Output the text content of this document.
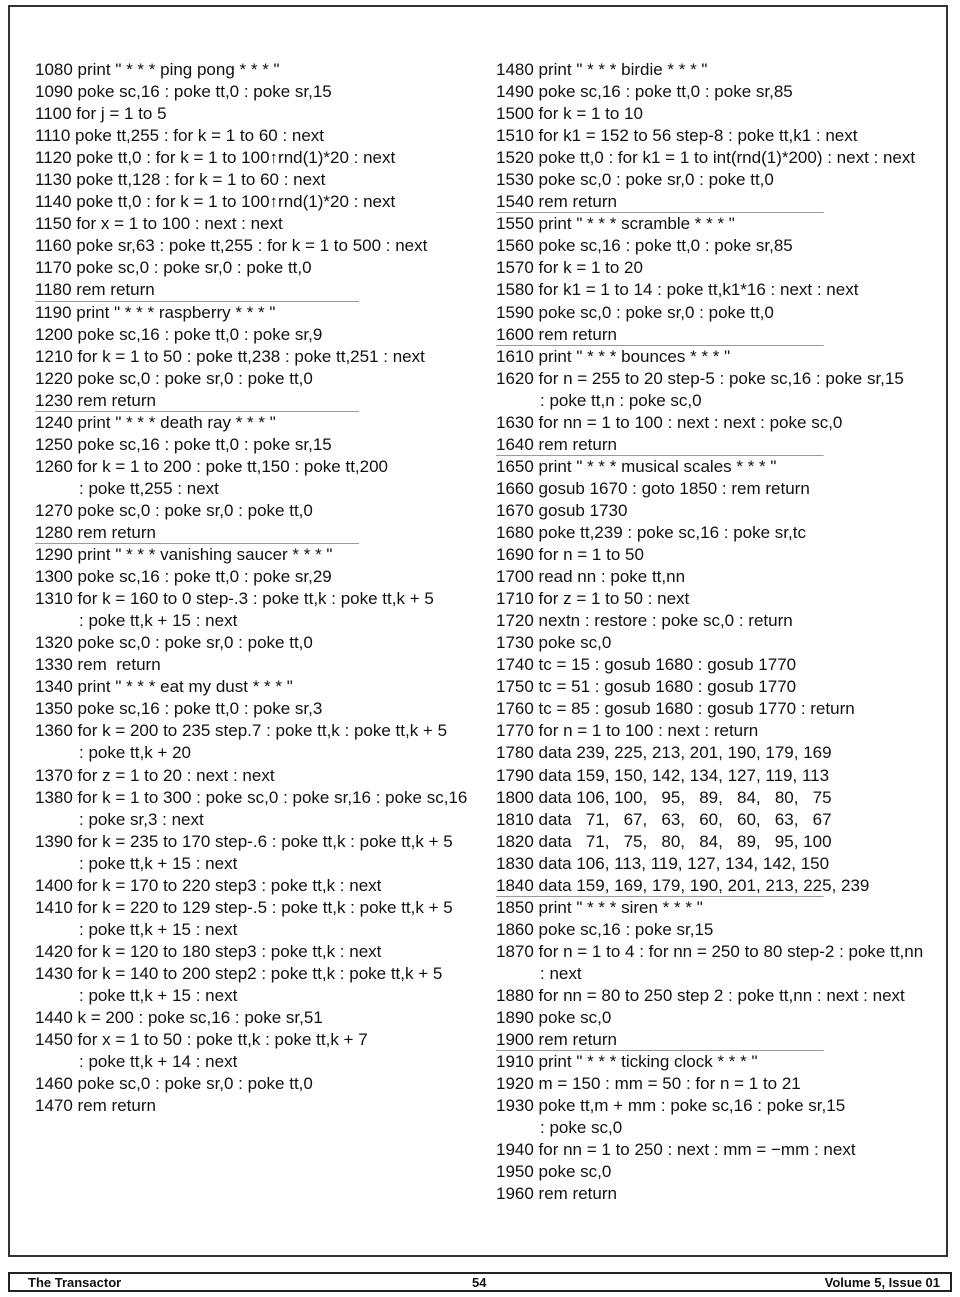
1080 print " * * * ping pong * * * "
1090 poke sc,16 : poke tt,0 : poke sr,15
1100 for j = 1 to 5
1110 poke tt,255 : for k = 1 to 60 : next
1120 poke tt,0 : for k = 1 to 100↑rnd(1)*20 : next
1130 poke tt,128 : for k = 1 to 60 : next
1140 poke tt,0 : for k = 1 to 100↑rnd(1)*20 : next
1150 for x = 1 to 100 : next : next
1160 poke sr,63 : poke tt,255 : for k = 1 to 500 : next
1170 poke sc,0 : poke sr,0 : poke tt,0
1180 rem return
1190 print " * * * raspberry * * * "
1200 poke sc,16 : poke tt,0 : poke sr,9
1210 for k = 1 to 50 : poke tt,238 : poke tt,251 : next
1220 poke sc,0 : poke sr,0 : poke tt,0
1230 rem return
1240 print " * * * death ray * * * "
1250 poke sc,16 : poke tt,0 : poke sr,15
1260 for k = 1 to 200 : poke tt,150 : poke tt,200
: poke tt,255 : next
1270 poke sc,0 : poke sr,0 : poke tt,0
1280 rem return
1290 print " * * * vanishing saucer * * * "
1300 poke sc,16 : poke tt,0 : poke sr,29
1310 for k = 160 to 0 step-.3 : poke tt,k : poke tt,k + 5
: poke tt,k + 15 : next
1320 poke sc,0 : poke sr,0 : poke tt,0
1330 rem  return
1340 print " * * * eat my dust * * * "
1350 poke sc,16 : poke tt,0 : poke sr,3
1360 for k = 200 to 235 step.7 : poke tt,k : poke tt,k + 5
: poke tt,k + 20
1370 for z = 1 to 20 : next : next
1380 for k = 1 to 300 : poke sc,0 : poke sr,16 : poke sc,16
: poke sr,3 : next
1390 for k = 235 to 170 step-.6 : poke tt,k : poke tt,k + 5
: poke tt,k + 15 : next
1400 for k = 170 to 220 step3 : poke tt,k : next
1410 for k = 220 to 129 step-.5 : poke tt,k : poke tt,k + 5
: poke tt,k + 15 : next
1420 for k = 120 to 180 step3 : poke tt,k : next
1430 for k = 140 to 200 step2 : poke tt,k : poke tt,k + 5
: poke tt,k + 15 : next
1440 k = 200 : poke sc,16 : poke sr,51
1450 for x = 1 to 50 : poke tt,k : poke tt,k + 7
: poke tt,k + 14 : next
1460 poke sc,0 : poke sr,0 : poke tt,0
1470 rem return
1480 print " * * * birdie * * * "
1490 poke sc,16 : poke tt,0 : poke sr,85
1500 for k = 1 to 10
1510 for k1 = 152 to 56 step-8 : poke tt,k1 : next
1520 poke tt,0 : for k1 = 1 to int(rnd(1)*200) : next : next
1530 poke sc,0 : poke sr,0 : poke tt,0
1540 rem return
1550 print " * * * scramble * * * "
1560 poke sc,16 : poke tt,0 : poke sr,85
1570 for k = 1 to 20
1580 for k1 = 1 to 14 : poke tt,k1*16 : next : next
1590 poke sc,0 : poke sr,0 : poke tt,0
1600 rem return
1610 print " * * * bounces * * * "
1620 for n = 255 to 20 step-5 : poke sc,16 : poke sr,15
: poke tt,n : poke sc,0
1630 for nn = 1 to 100 : next : next : poke sc,0
1640 rem return
1650 print " * * * musical scales * * * "
1660 gosub 1670 : goto 1850 : rem return
1670 gosub 1730
1680 poke tt,239 : poke sc,16 : poke sr,tc
1690 for n = 1 to 50
1700 read nn : poke tt,nn
1710 for z = 1 to 50 : next
1720 nextn : restore : poke sc,0 : return
1730 poke sc,0
1740 tc = 15 : gosub 1680 : gosub 1770
1750 tc = 51 : gosub 1680 : gosub 1770
1760 tc = 85 : gosub 1680 : gosub 1770 : return
1770 for n = 1 to 100 : next : return
1780 data 239, 225, 213, 201, 190, 179, 169
1790 data 159, 150, 142, 134, 127, 119, 113
1800 data 106, 100,   95,   89,   84,   80,   75
1810 data   71,   67,   63,   60,   60,   63,   67
1820 data   71,   75,   80,   84,   89,   95, 100
1830 data 106, 113, 119, 127, 134, 142, 150
1840 data 159, 169, 179, 190, 201, 213, 225, 239
1850 print " * * * siren * * * "
1860 poke sc,16 : poke sr,15
1870 for n = 1 to 4 : for nn = 250 to 80 step-2 : poke tt,nn
: next
1880 for nn = 80 to 250 step 2 : poke tt,nn : next : next
1890 poke sc,0
1900 rem return
1910 print " * * * ticking clock * * * "
1920 m = 150 : mm = 50 : for n = 1 to 21
1930 poke tt,m + mm : poke sc,16 : poke sr,15
: poke sc,0
1940 for nn = 1 to 250 : next : mm = −mm : next
1950 poke sc,0
1960 rem return
The Transactor	54	Volume 5, Issue 01
